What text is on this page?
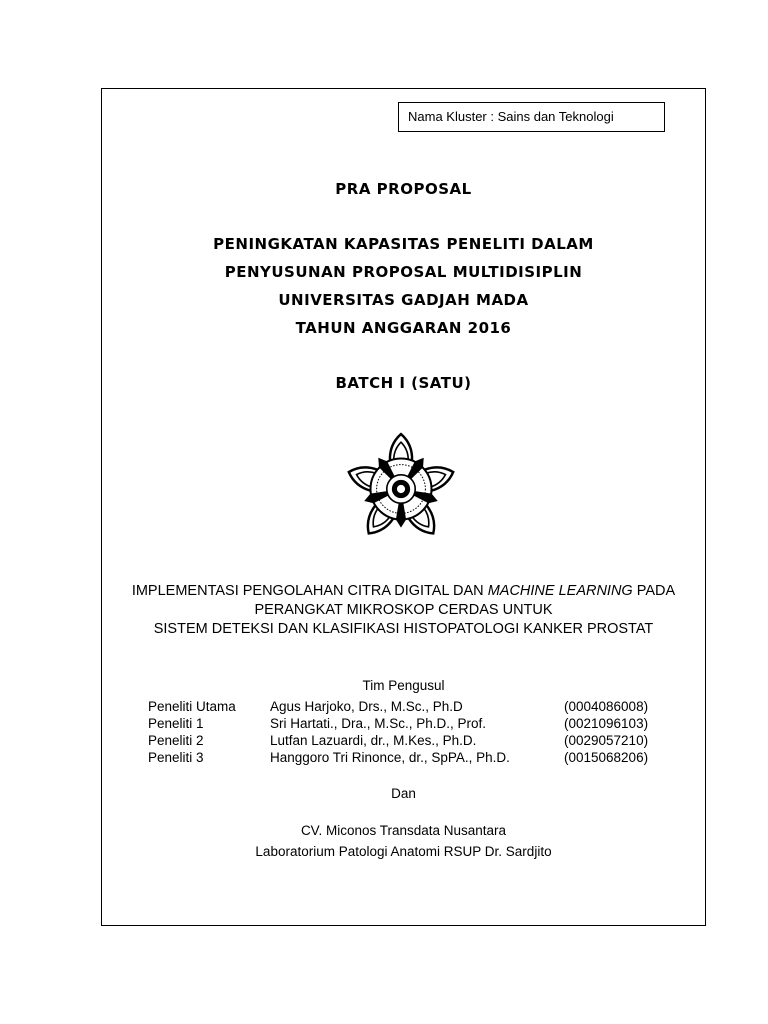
Nama Kluster : Sains dan Teknologi
PRA PROPOSAL
PENINGKATAN KAPASITAS PENELITI DALAM
PENYUSUNAN PROPOSAL MULTIDISIPLIN
UNIVERSITAS GADJAH MADA
TAHUN ANGGARAN 2016
BATCH I (SATU)
IMPLEMENTASI PENGOLAHAN CITRA DIGITAL DAN MACHINE LEARNING PADA
PERANGKAT MIKROSKOP CERDAS UNTUK
SISTEM DETEKSI DAN KLASIFIKASI HISTOPATOLOGI KANKER PROSTAT
Tim Pengusul
Peneliti Utama	Agus Harjoko, Drs., M.Sc., Ph.D	(0004086008)
Peneliti 1	Sri Hartati., Dra., M.Sc., Ph.D., Prof.	(0021096103)
Peneliti 2	Lutfan Lazuardi, dr., M.Kes., Ph.D.	(0029057210)
Peneliti 3	Hanggoro Tri Rinonce, dr., SpPA., Ph.D.	(0015068206)
Dan
CV. Miconos Transdata Nusantara
Laboratorium Patologi Anatomi RSUP Dr. Sardjito
